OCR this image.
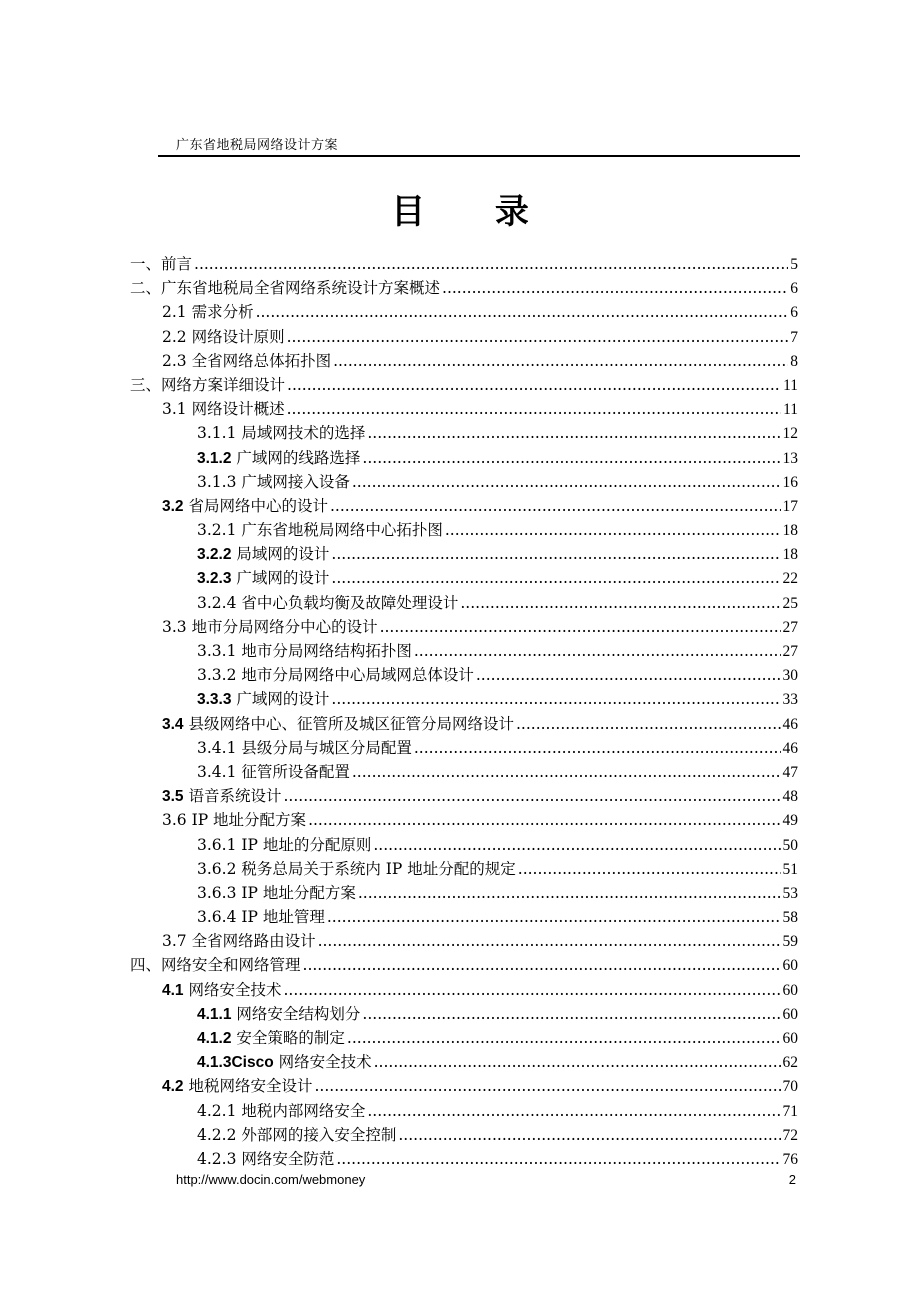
广东省地税局网络设计方案
目 录
一、前言 .....	5
二、广东省地税局全省网络系统设计方案概述 .....	6
2.1 需求分析 .....	6
2.2 网络设计原则 .....	7
2.3 全省网络总体拓扑图 .....	8
三、网络方案详细设计 .....	11
3.1 网络设计概述 .....	11
3.1.1 局域网技术的选择 .....	12
3.1.2 广域网的线路选择 .....	13
3.1.3 广域网接入设备 .....	16
3.2 省局网络中心的设计 .....	17
3.2.1 广东省地税局网络中心拓扑图 .....	18
3.2.2 局域网的设计 .....	18
3.2.3 广域网的设计 .....	22
3.2.4 省中心负载均衡及故障处理设计 .....	25
3.3 地市分局网络分中心的设计 .....	27
3.3.1 地市分局网络结构拓扑图 .....	27
3.3.2 地市分局网络中心局域网总体设计 .....	30
3.3.3 广域网的设计 .....	33
3.4 县级网络中心、征管所及城区征管分局网络设计 .....	46
3.4.1 县级分局与城区分局配置 .....	46
3.4.1 征管所设备配置 .....	47
3.5 语音系统设计 .....	48
3.6 IP 地址分配方案 .....	49
3.6.1 IP 地址的分配原则 .....	50
3.6.2 税务总局关于系统内 IP 地址分配的规定 .....	51
3.6.3 IP 地址分配方案 .....	53
3.6.4 IP 地址管理 .....	58
3.7 全省网络路由设计 .....	59
四、网络安全和网络管理 .....	60
4.1 网络安全技术 .....	60
4.1.1 网络安全结构划分 .....	60
4.1.2 安全策略的制定 .....	60
4.1.3Cisco 网络安全技术 .....	62
4.2 地税网络安全设计 .....	70
4.2.1 地税内部网络安全 .....	71
4.2.2 外部网的接入安全控制 .....	72
4.2.3 网络安全防范 .....	76
http://www.docin.com/webmoney	2
